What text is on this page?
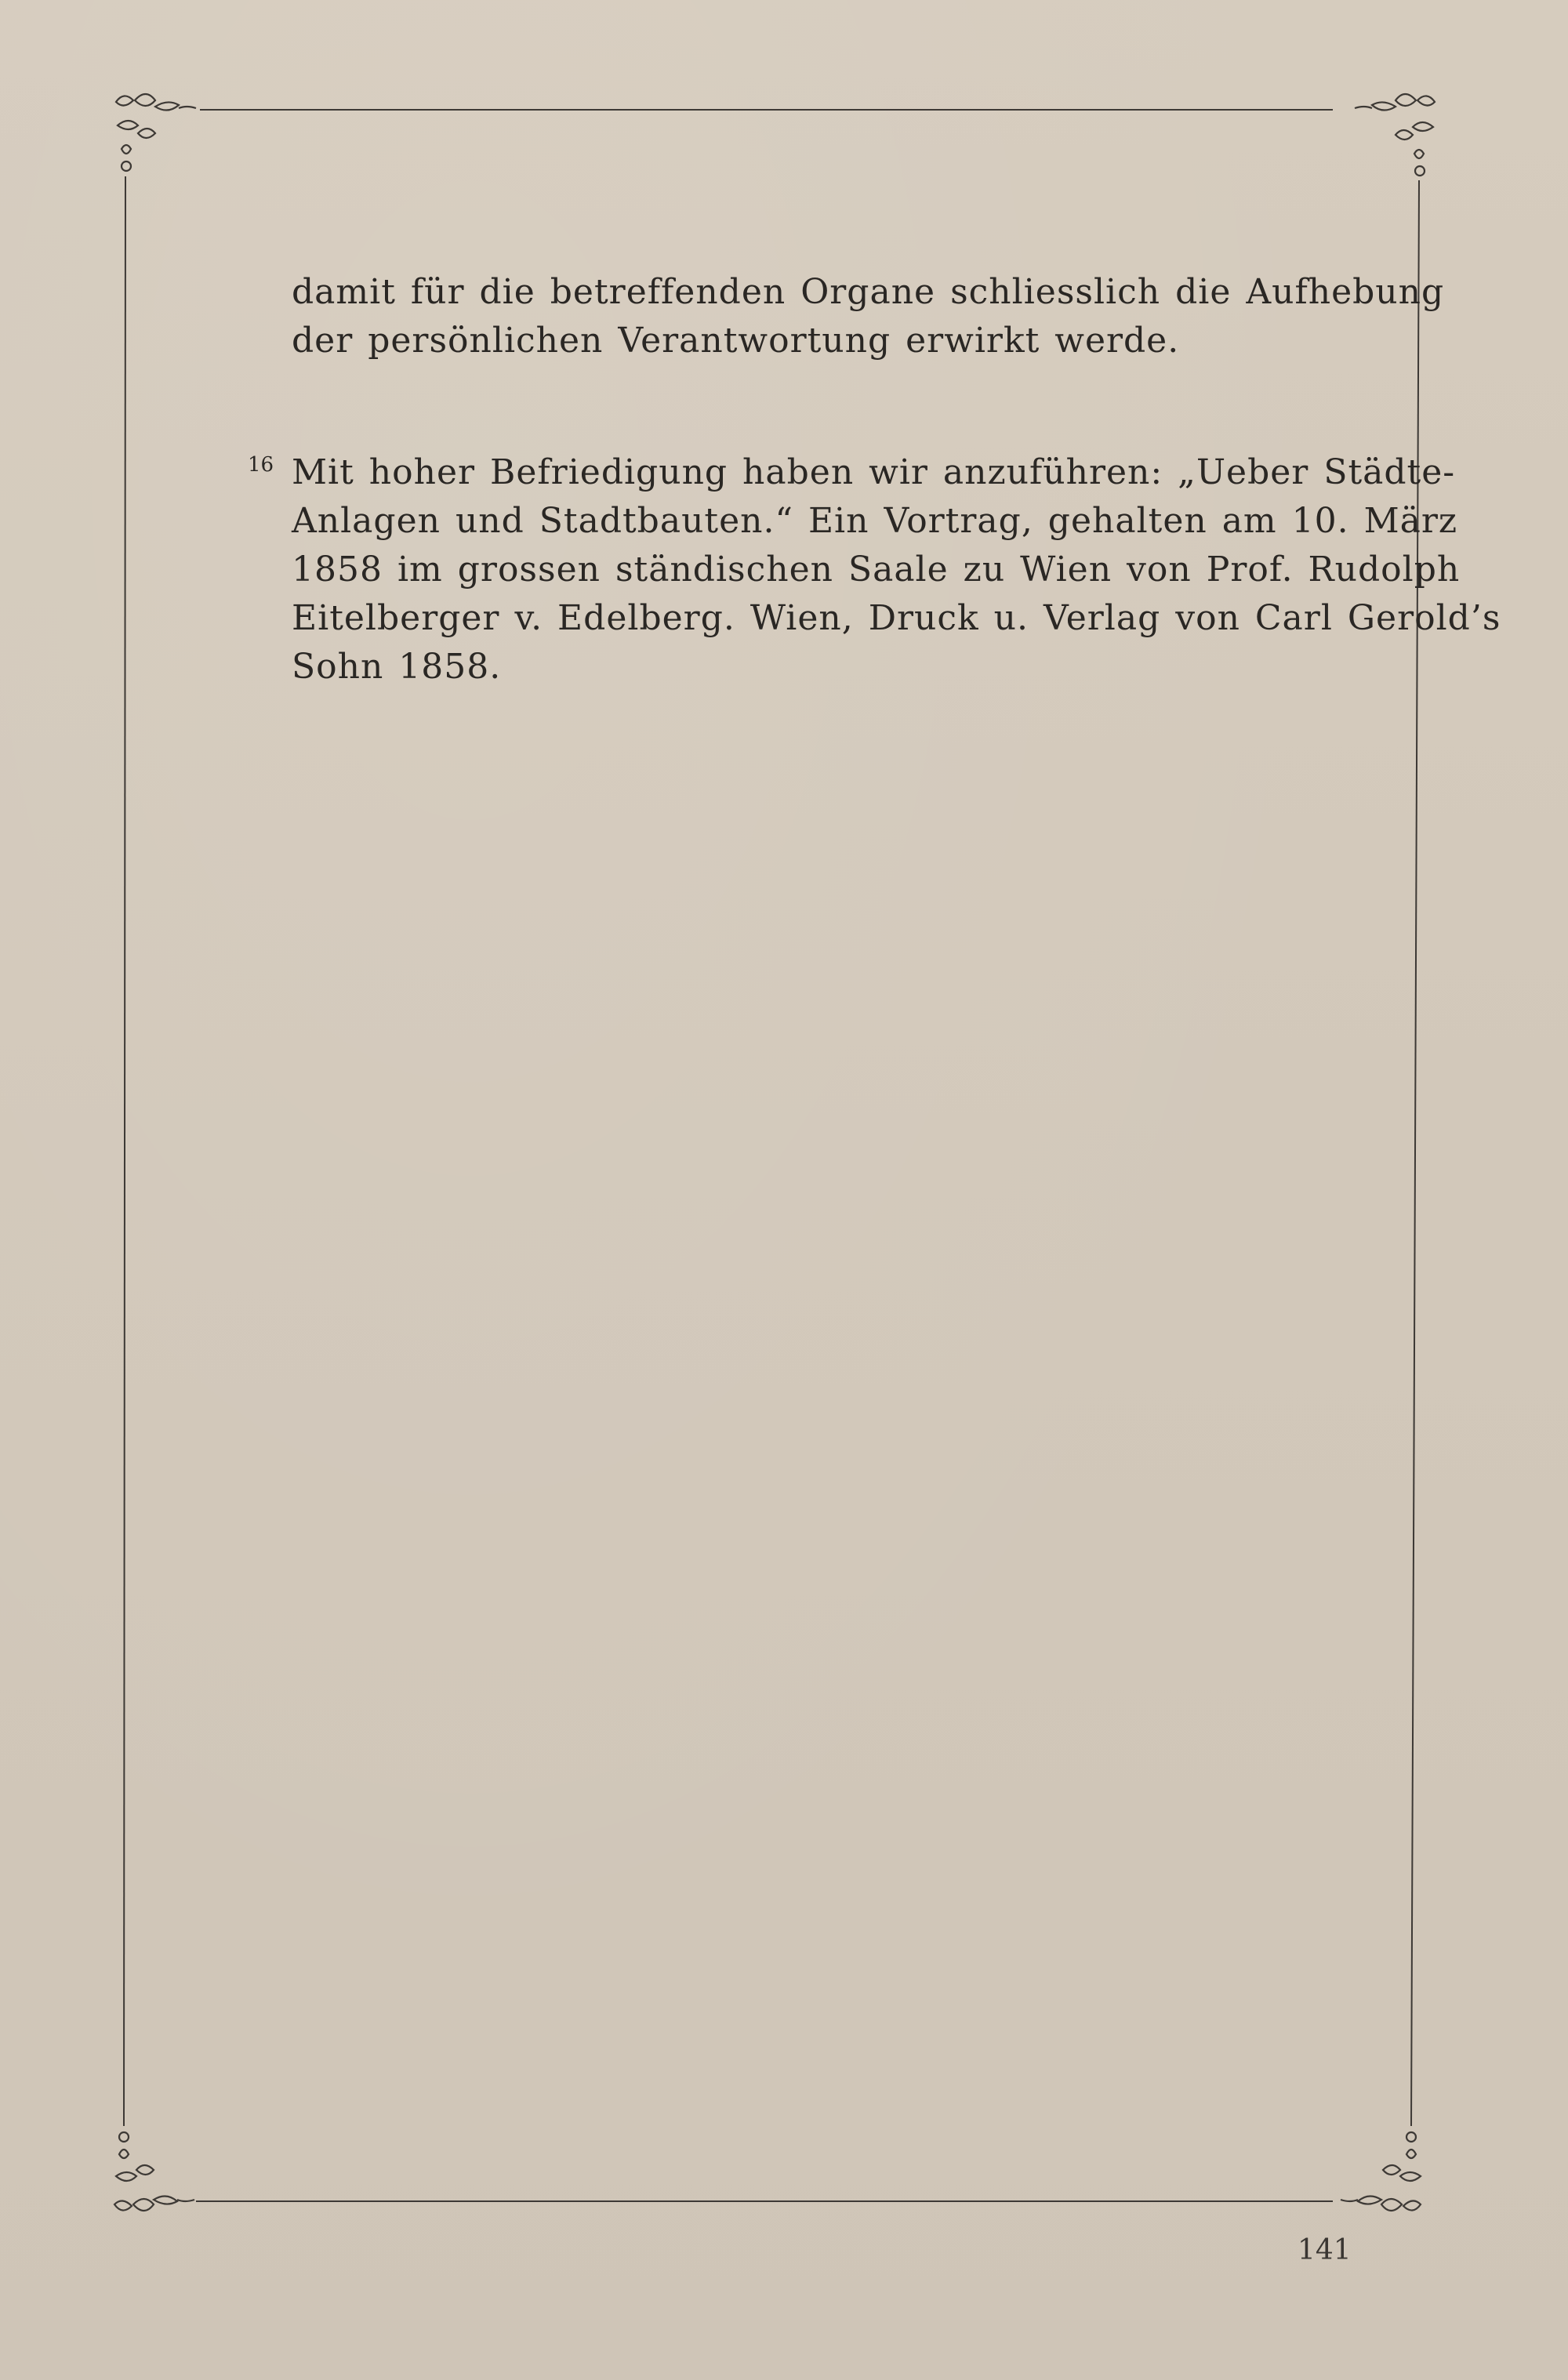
damit für die betreffenden Organe schliesslich die Aufhebung
der persönlichen Verantwortung erwirkt werde.
16 Mit hoher Befriedigung haben wir anzuführen: „Ueber Städte-
Anlagen und Stadtbauten.“ Ein Vortrag, gehalten am 10. März
1858 im grossen ständischen Saale zu Wien von Prof. Rudolph
Eitelberger v. Edelberg. Wien, Druck u. Verlag von Carl Gerold’s
Sohn 1858.
141
